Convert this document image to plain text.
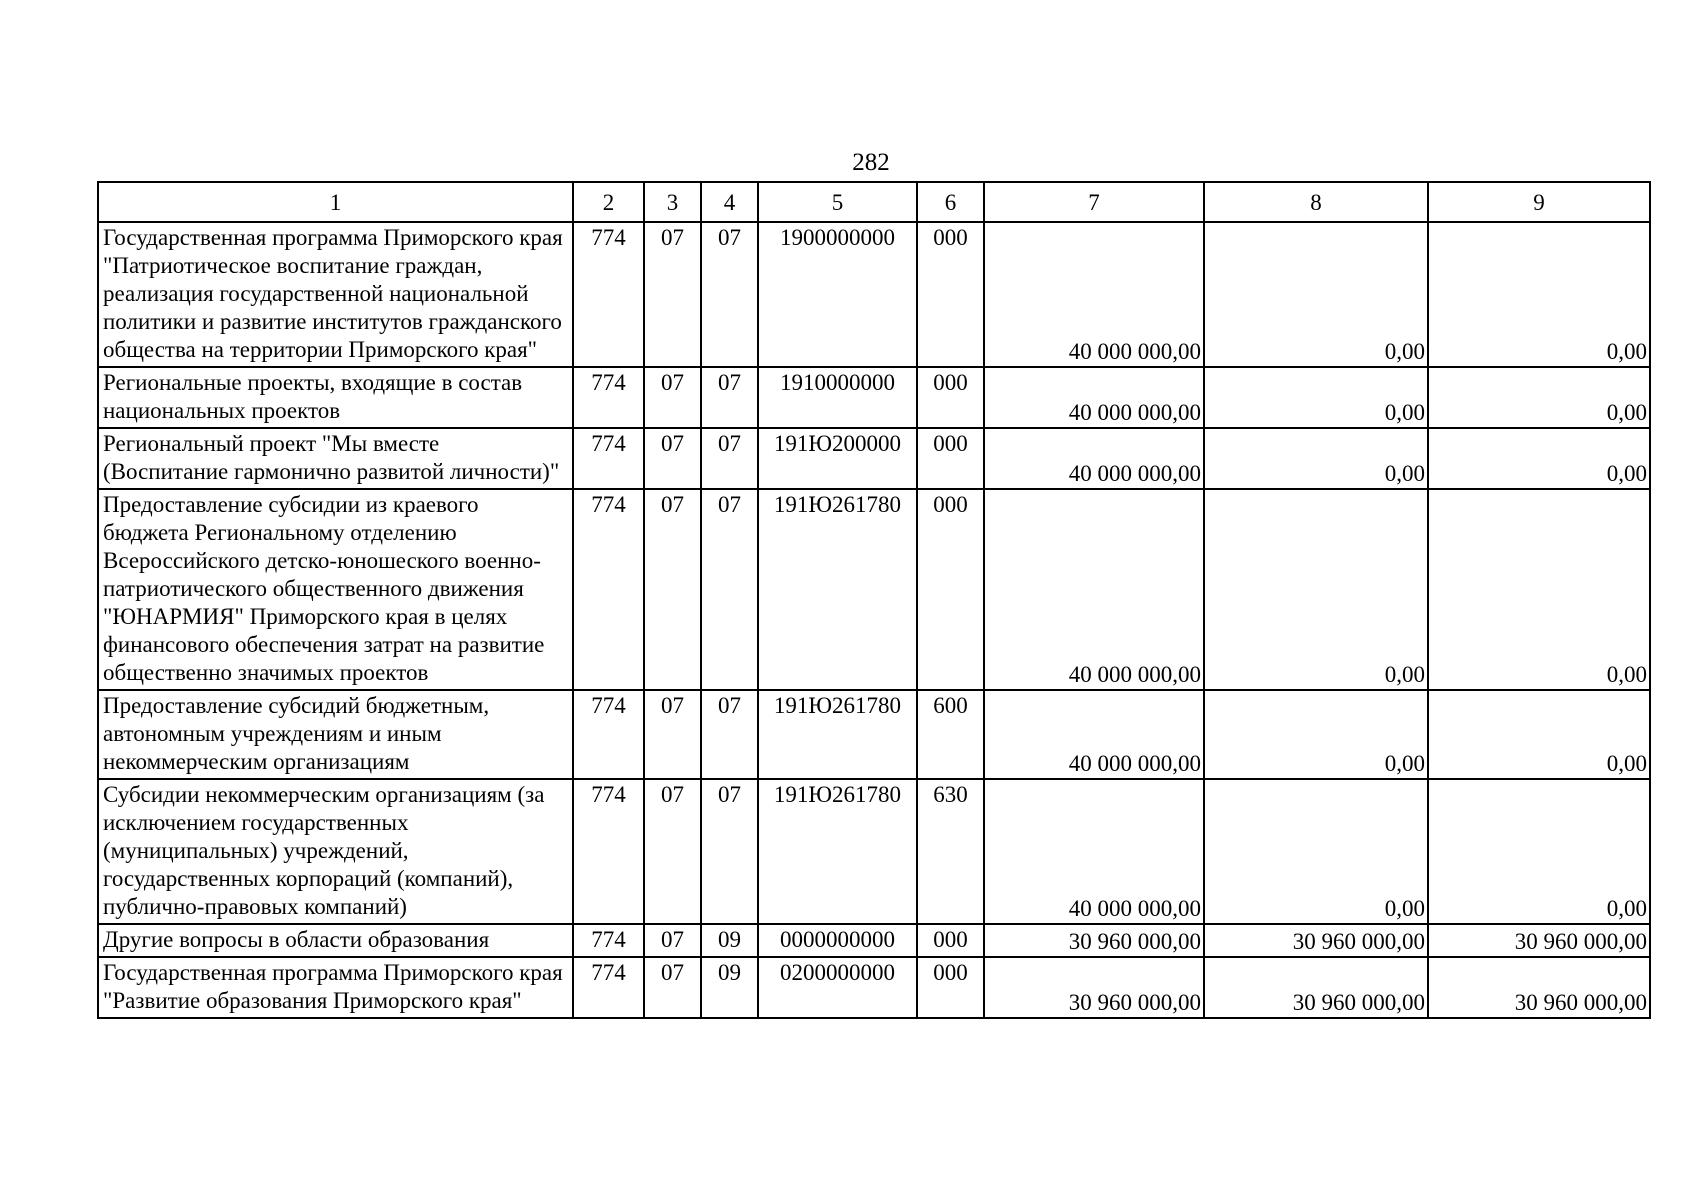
282
1	2	3	4	5	6	7	8	9
Государственная программа Приморского края "Патриотическое воспитание граждан, реализация государственной национальной политики и развитие институтов гражданского общества на территории Приморского края"	774	07	07	1900000000	000	40 000 000,00	0,00	0,00
Региональные проекты, входящие в состав национальных проектов	774	07	07	1910000000	000	40 000 000,00	0,00	0,00
Региональный проект "Мы вместе (Воспитание гармонично развитой личности)"	774	07	07	191Ю200000	000	40 000 000,00	0,00	0,00
Предоставление субсидии из краевого бюджета Региональному отделению Всероссийского детско-юношеского военно-патриотического общественного движения "ЮНАРМИЯ" Приморского края в целях финансового обеспечения затрат на развитие общественно значимых проектов	774	07	07	191Ю261780	000	40 000 000,00	0,00	0,00
Предоставление субсидий бюджетным, автономным учреждениям и иным некоммерческим организациям	774	07	07	191Ю261780	600	40 000 000,00	0,00	0,00
Субсидии некоммерческим организациям (за исключением государственных (муниципальных) учреждений, государственных корпораций (компаний), публично-правовых компаний)	774	07	07	191Ю261780	630	40 000 000,00	0,00	0,00
Другие вопросы в области образования	774	07	09	0000000000	000	30 960 000,00	30 960 000,00	30 960 000,00
Государственная программа Приморского края "Развитие образования Приморского края"	774	07	09	0200000000	000	30 960 000,00	30 960 000,00	30 960 000,00
